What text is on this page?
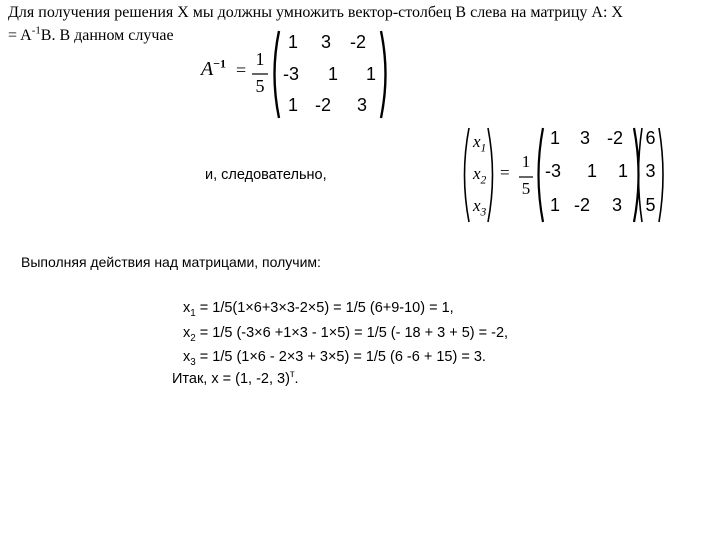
Для получения решения X мы должны умножить вектор-столбец B слева на матрицу A: X
= $A^{-1}B$. В данном случае
$A^{-1}$ =
1
5
1 3 -2
-3 1 1
1 -2	3
и, следовательно,
$x_1$
$x_2$
$x_3$
=
1
5
1 3 -2
-3 1 1
1 -2	3
6
3
5
Выполняя действия над матрицами, получим:
$x_1 = 1/5(1\times 6+3\times 3-2\times 5) = 1/5$ (6+9-10) = 1,
$x_2 = 1/5$ (-3×6 +1×3 - 1×5) = 1/5 (- 18 + 3 + 5) = -2,
$x_3 = 1/5$ (1×6 - 2×3 + 3×5) = 1/5 (6 -6 + 15) = 3.
Итак, x = (1, -2, 3)$^т$.
